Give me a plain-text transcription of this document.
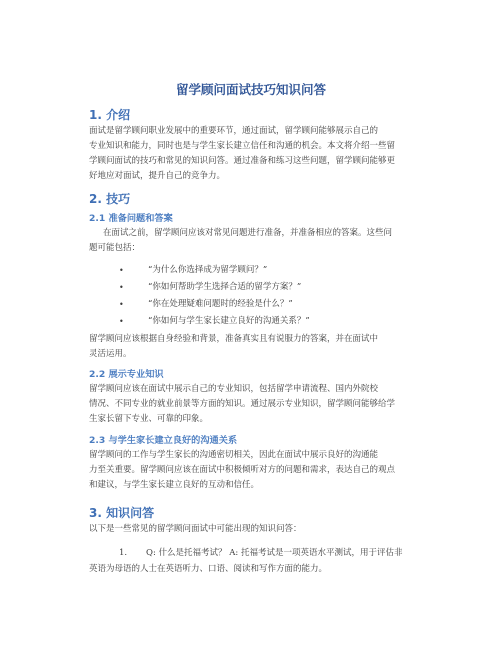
留学顾问面试技巧知识问答
1. 介绍
面试是留学顾问职业发展中的重要环节，通过面试，留学顾问能够展示自己的
专业知识和能力，同时也是与学生家长建立信任和沟通的机会。本文将介绍一些留
学顾问面试的技巧和常见的知识问答。通过准备和练习这些问题，留学顾问能够更
好地应对面试，提升自己的竞争力。
2. 技巧
2.1 准备问题和答案
在面试之前，留学顾问应该对常见问题进行准备，并准备相应的答案。这些问
题可能包括：
•	“为什么你选择成为留学顾问？”
•	“你如何帮助学生选择合适的留学方案？”
•	“你在处理疑难问题时的经验是什么？”
•	“你如何与学生家长建立良好的沟通关系？”
留学顾问应该根据自身经验和背景，准备真实且有说服力的答案，并在面试中
灵活运用。
2.2 展示专业知识
留学顾问应该在面试中展示自己的专业知识，包括留学申请流程、国内外院校
情况、不同专业的就业前景等方面的知识。通过展示专业知识，留学顾问能够给学
生家长留下专业、可靠的印象。
2.3 与学生家长建立良好的沟通关系
留学顾问的工作与学生家长的沟通密切相关，因此在面试中展示良好的沟通能
力至关重要。留学顾问应该在面试中积极倾听对方的问题和需求，表达自己的观点
和建议，与学生家长建立良好的互动和信任。
3. 知识问答
以下是一些常见的留学顾问面试中可能出现的知识问答：
1. Q: 什么是托福考试？ A: 托福考试是一项英语水平测试，用于评估非
英语为母语的人士在英语听力、口语、阅读和写作方面的能力。
